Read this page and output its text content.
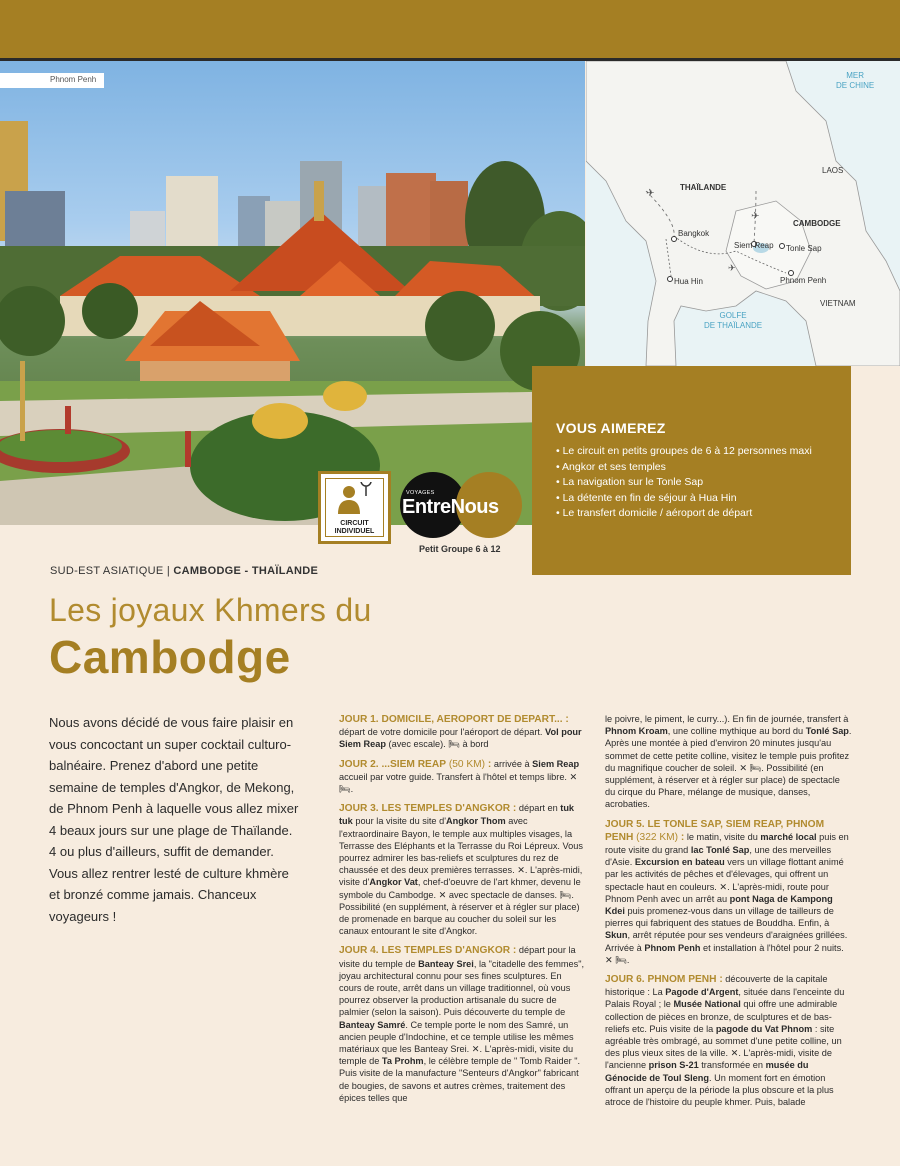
Phnom Penh
✈
✈
✈
MER
DE CHINE
LAOS
THAÏLANDE
CAMBODGE
Bangkok
Siem Reap Tonle Sap
Hua Hin	Phnom Penh
VIETNAM
GOLFE
DE THAÏLANDE
VOUS AIMEREZ
• Le circuit en petits groupes de 6 à 12 personnes maxi
• Angkor et ses temples
• La navigation sur le Tonle Sap
• La détente en fin de séjour à Hua Hin
• Le transfert domicile / aéroport de départ
CIRCUIT
INDIVIDUEL
VOYAGES
EntreNous
Petit Groupe 6 à 12
SUD-EST ASIATIQUE | CAMBODGE - THAÏLANDE
Les joyaux Khmers du
Cambodge
Nous avons décidé de vous faire plaisir en vous concoctant un super cocktail culturo-balnéaire. Prenez d'abord une petite semaine de temples d'Angkor, de Mekong, de Phnom Penh à laquelle vous allez mixer 4 beaux jours sur une plage de Thaïlande. 4 ou plus d'ailleurs, suffit de demander. Vous allez rentrer lesté de culture khmère et bronzé comme jamais. Chanceux voyageurs !

JOUR 1. DOMICILE, AEROPORT DE DEPART... : départ de votre domicile pour l'aéroport de départ. Vol pour Siem Reap (avec escale). 🛏 à bord

JOUR 2. ...SIEM REAP (50 KM) : arrivée à Siem Reap accueil par votre guide. Transfert à l'hôtel et temps libre. ✕ 🛏.

JOUR 3. LES TEMPLES D'ANGKOR : départ en tuk tuk pour la visite du site d'Angkor Thom avec l'extraordinaire Bayon, le temple aux multiples visages, la Terrasse des Eléphants et la Terrasse du Roi Lépreux. Vous pourrez admirer les bas-reliefs et sculptures du rez de chaussée et des deux premières terrasses. ✕. L'après-midi, visite d'Angkor Vat, chef-d'oeuvre de l'art khmer, devenu le symbole du Cambodge. ✕ avec spectacle de danses. 🛏. Possibilité (en supplément, à réserver et à régler sur place) de promenade en barque au coucher du soleil sur les canaux entourant le site d'Angkor.

JOUR 4. LES TEMPLES D'ANGKOR : départ pour la visite du temple de Banteay Srei, la "citadelle des femmes", joyau architectural connu pour ses fines sculptures. En cours de route, arrêt dans un village traditionnel, où vous pourrez observer la production artisanale du sucre de palmier (selon la saison). Puis découverte du temple de Banteay Samré. Ce temple porte le nom des Samré, un ancien peuple d'Indochine, et ce temple utilise les mêmes matériaux que les Banteay Srei. ✕. L'après-midi, visite du temple de Ta Prohm, le célèbre temple de " Tomb Raider ". Puis visite de la manufacture "Senteurs d'Angkor" fabricant de bougies, de savons et autres crèmes, traitement des épices telles que

le poivre, le piment, le curry...). En fin de journée, transfert à Phnom Kroam, une colline mythique au bord du Tonlé Sap. Après une montée à pied d'environ 20 minutes jusqu'au sommet de cette petite colline, visitez le temple puis profitez du magnifique coucher de soleil. ✕ 🛏. Possibilité (en supplément, à réserver et à régler sur place) de spectacle du cirque du Phare, mélange de musique, danses, acrobaties.

JOUR 5. LE TONLE SAP, SIEM REAP, PHNOM PENH (322 KM) : le matin, visite du marché local puis en route visite du grand lac Tonlé Sap, une des merveilles d'Asie. Excursion en bateau vers un village flottant animé par les activités de pêches et d'élevages, qui offrent un spectacle haut en couleurs. ✕. L'après-midi, route pour Phnom Penh avec un arrêt au pont Naga de Kampong Kdei puis promenez-vous dans un village de tailleurs de pierres qui fabriquent des statues de Bouddha. Enfin, à Skun, arrêt réputée pour ses vendeurs d'araignées grillées. Arrivée à Phnom Penh et installation à l'hôtel pour 2 nuits. ✕ 🛏.

JOUR 6. PHNOM PENH : découverte de la capitale historique : La Pagode d'Argent, située dans l'enceinte du Palais Royal ; le Musée National qui offre une admirable collection de pièces en bronze, de sculptures et de bas-reliefs etc. Puis visite de la pagode du Vat Phnom : site agréable très ombragé, au sommet d'une petite colline, un des plus vieux sites de la ville. ✕. L'après-midi, visite de l'ancienne prison S-21 transformée en musée du Génocide de Toul Sleng. Un moment fort en émotion offrant un aperçu de la période la plus obscure et la plus atroce de l'histoire du peuple khmer. Puis, balade
